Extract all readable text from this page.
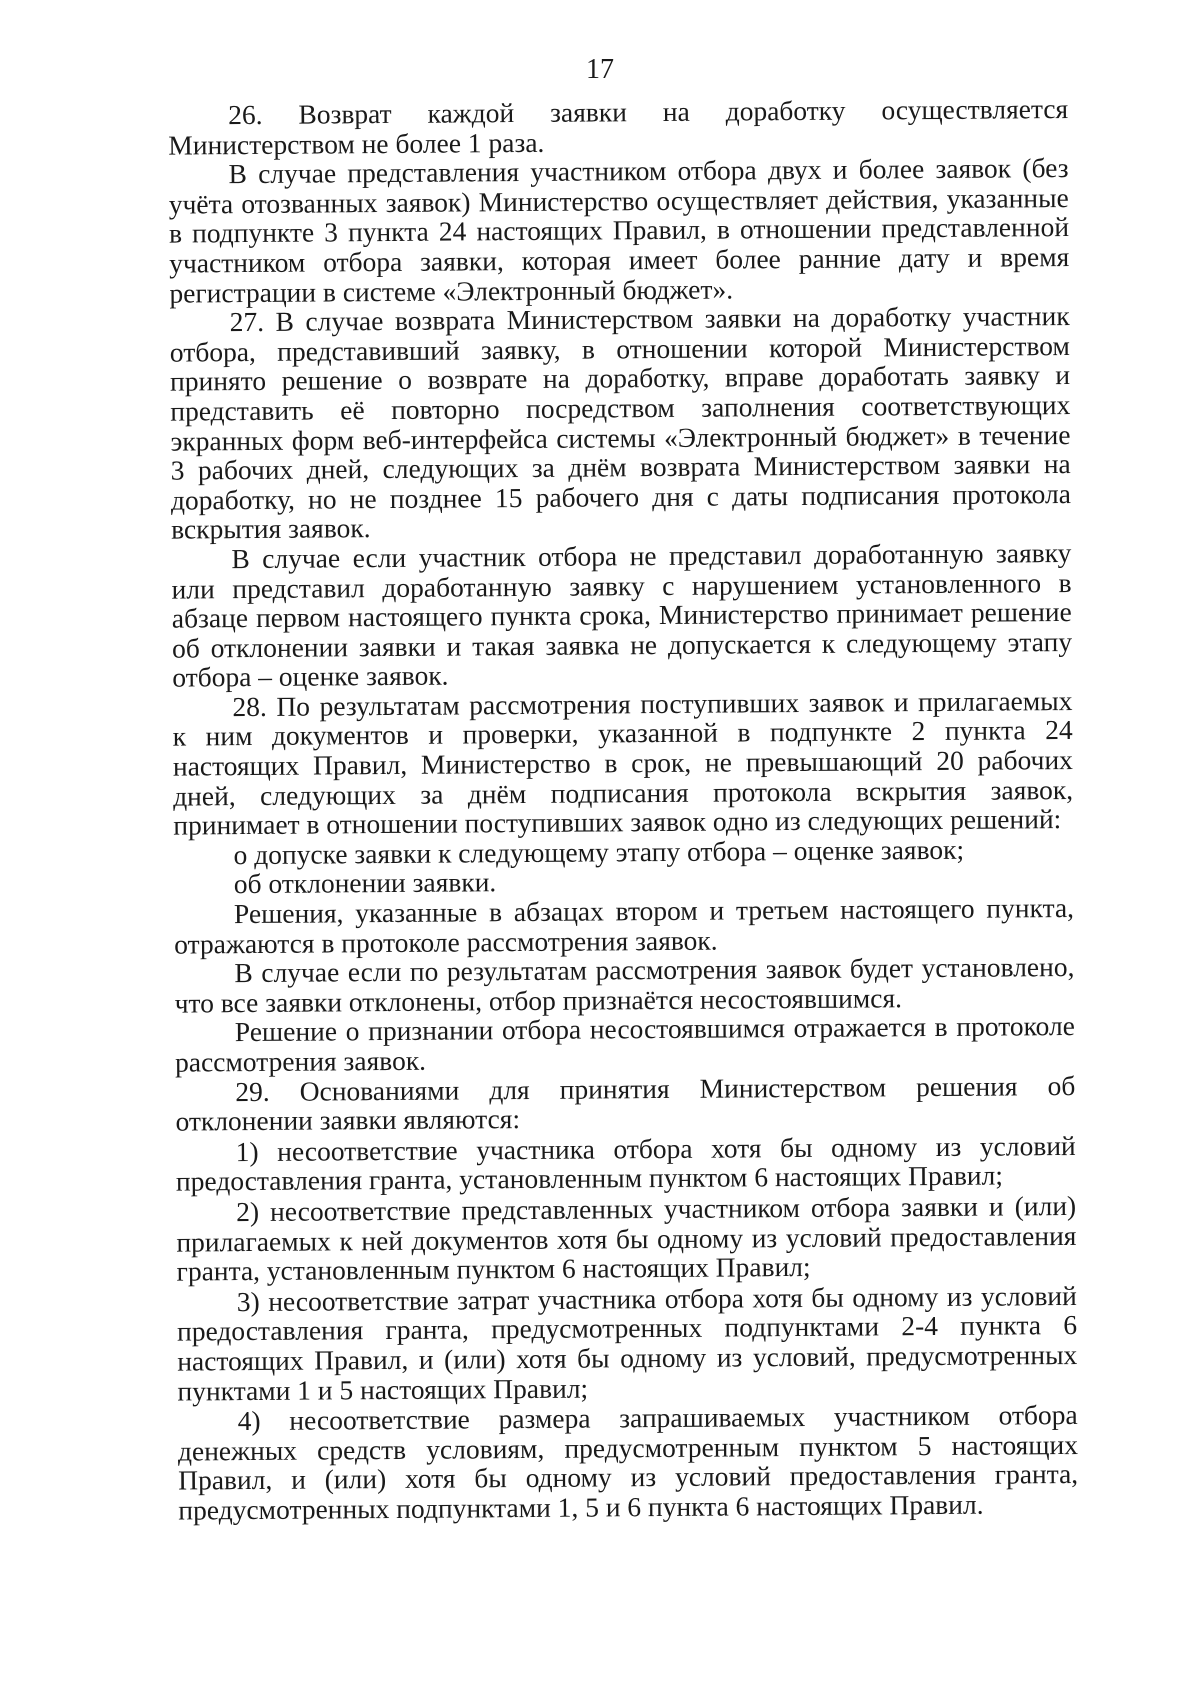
17

26. Возврат каждой заявки на доработку осуществляется Министерством не более 1 раза.

В случае представления участником отбора двух и более заявок (без учёта отозванных заявок) Министерство осуществляет действия, указанные в подпункте 3 пункта 24 настоящих Правил, в отношении представленной участником отбора заявки, которая имеет более ранние дату и время регистрации в системе «Электронный бюджет».

27. В случае возврата Министерством заявки на доработку участник отбора, представивший заявку, в отношении которой Министерством принято решение о возврате на доработку, вправе доработать заявку и представить её повторно посредством заполнения соответствующих экранных форм веб-интерфейса системы «Электронный бюджет» в течение 3 рабочих дней, следующих за днём возврата Министерством заявки на доработку, но не позднее 15 рабочего дня с даты подписания протокола вскрытия заявок.

В случае если участник отбора не представил доработанную заявку или представил доработанную заявку с нарушением установленного в абзаце первом настоящего пункта срока, Министерство принимает решение об отклонении заявки и такая заявка не допускается к следующему этапу отбора – оценке заявок.

28. По результатам рассмотрения поступивших заявок и прилагаемых к ним документов и проверки, указанной в подпункте 2 пункта 24 настоящих Правил, Министерство в срок, не превышающий 20 рабочих дней, следующих за днём подписания протокола вскрытия заявок, принимает в отношении поступивших заявок одно из следующих решений:

о допуске заявки к следующему этапу отбора – оценке заявок;

об отклонении заявки.

Решения, указанные в абзацах втором и третьем настоящего пункта, отражаются в протоколе рассмотрения заявок.

В случае если по результатам рассмотрения заявок будет установлено, что все заявки отклонены, отбор признаётся несостоявшимся.

Решение о признании отбора несостоявшимся отражается в протоколе рассмотрения заявок.

29. Основаниями для принятия Министерством решения об отклонении заявки являются:

1) несоответствие участника отбора хотя бы одному из условий предоставления гранта, установленным пунктом 6 настоящих Правил;

2) несоответствие представленных участником отбора заявки и (или) прилагаемых к ней документов хотя бы одному из условий предоставления гранта, установленным пунктом 6 настоящих Правил;

3) несоответствие затрат участника отбора хотя бы одному из условий предоставления гранта, предусмотренных подпунктами 2-4 пункта 6 настоящих Правил, и (или) хотя бы одному из условий, предусмотренных пунктами 1 и 5 настоящих Правил;

4) несоответствие размера запрашиваемых участником отбора денежных средств условиям, предусмотренным пунктом 5 настоящих Правил, и (или) хотя бы одному из условий предоставления гранта, предусмотренных подпунктами 1, 5 и 6 пункта 6 настоящих Правил.
